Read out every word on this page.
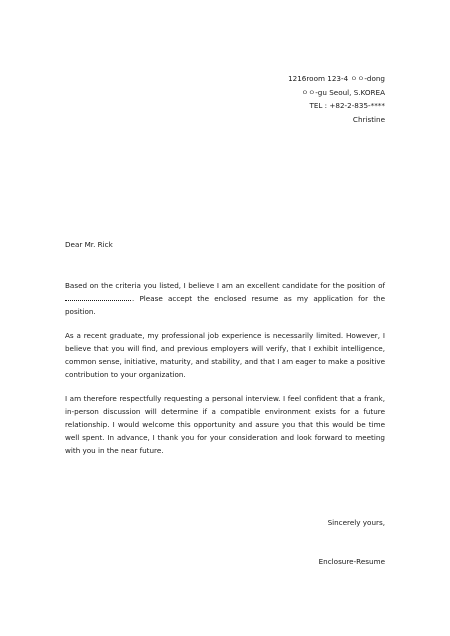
1216room 123-4 ㅇㅇ-dong
ㅇㅇ-gu Seoul, S.KOREA
TEL : +82-2-835-****
Christine
Dear Mr. Rick

Based on the criteria you listed, I believe I am an excellent candidate for the position of . Please accept the enclosed resume as my application for the position.

As a recent graduate, my professional job experience is necessarily limited. However, I believe that you will find, and previous employers will verify, that I exhibit intelligence, common sense, initiative, maturity, and stability, and that I am eager to make a positive contribution to your organization.

I am therefore respectfully requesting a personal interview. I feel confident that a frank, in-person discussion will determine if a compatible environment exists for a future relationship. I would welcome this opportunity and assure you that this would be time well spent. In advance, I thank you for your consideration and look forward to meeting with you in the near future.

Sincerely yours,
Enclosure-Resume
